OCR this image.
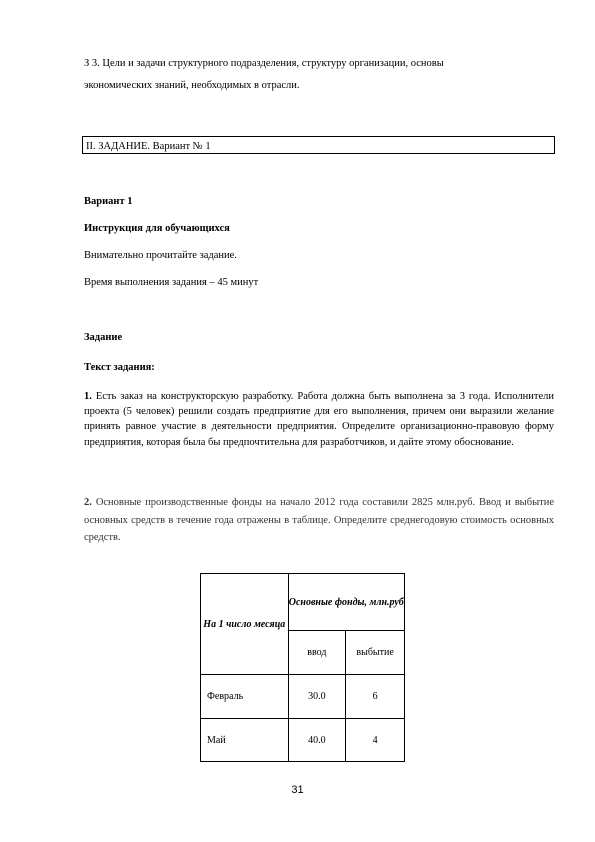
З 3. Цели и задачи структурного подразделения, структуру организации, основы
экономических знаний, необходимых в отрасли.
II. ЗАДАНИЕ. Вариант № 1
Вариант 1
Инструкция для обучающихся
Внимательно прочитайте задание.
Время выполнения задания – 45 минут
Задание
Текст задания:
1. Есть заказ на конструкторскую разработку. Работа должна быть выполнена за 3 года. Исполнители проекта (5 человек) решили создать предприятие для его выполнения, причем они выразили желание принять равное участие в деятельности предприятия. Определите организационно-правовую форму предприятия, которая была бы предпочтительна для разработчиков, и дайте этому обоснование.
2. Основные производственные фонды на начало 2012 года составили 2825 млн.руб. Ввод и выбытие основных средств в течение года отражены в таблице. Определите среднегодовую стоимость основных средств.
На 1 число месяца	Основные фонды, млн.руб	
	ввод	выбытие
Февраль	30.0	6
Май	40.0	4
31
